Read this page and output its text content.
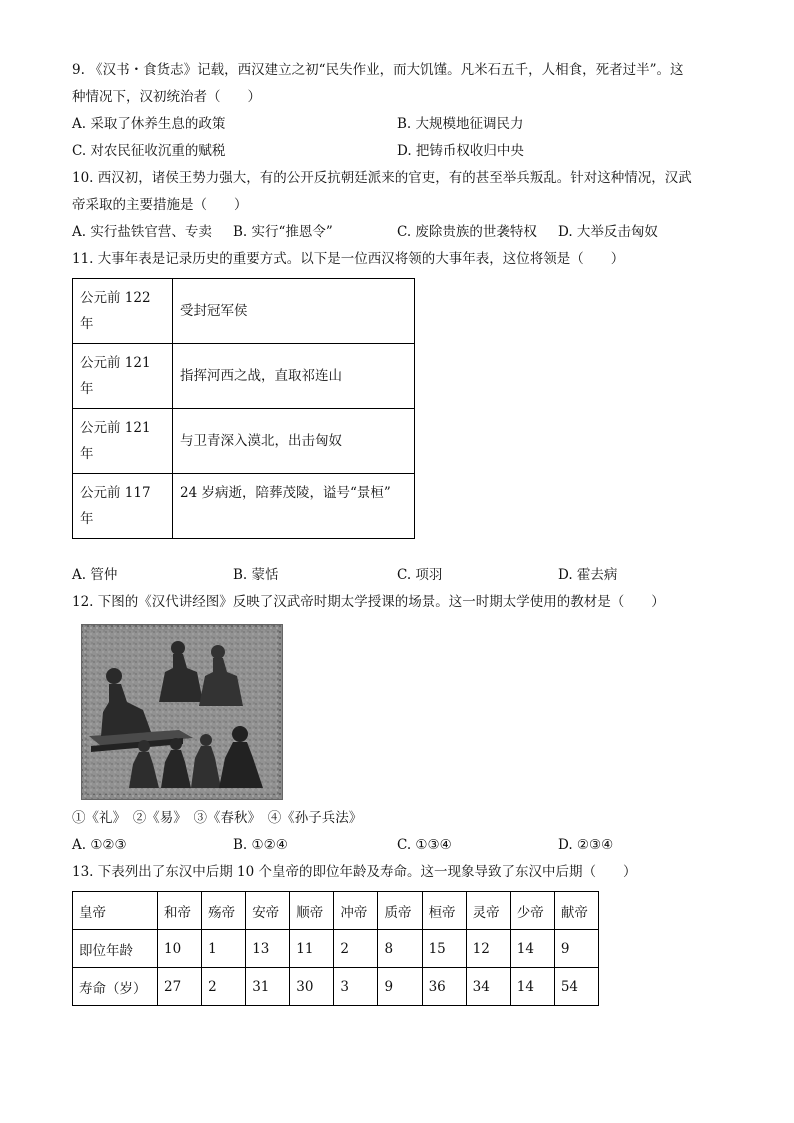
9. 《汉书・食货志》记载，西汉建立之初“民失作业，而大饥馑。凡米石五千，人相食，死者过半”。这
种情况下，汉初统治者（　　）
A. 采取了休养生息的政策	B. 大规模地征调民力
C. 对农民征收沉重的赋税	D. 把铸币权收归中央
10. 西汉初，诸侯王势力强大，有的公开反抗朝廷派来的官吏，有的甚至举兵叛乱。针对这种情况，汉武
帝采取的主要措施是（　　）
A. 实行盐铁官营、专卖 B. 实行“推恩令”	C. 废除贵族的世袭特权 D. 大举反击匈奴
11. 大事年表是记录历史的重要方式。以下是一位西汉将领的大事年表，这位将领是（　　）
公元前 122 年	受封冠军侯
公元前 121 年	指挥河西之战，直取祁连山
公元前 121 年	与卫青深入漠北，出击匈奴
公元前 117 年	24 岁病逝，陪葬茂陵，谥号“景桓”
A. 管仲	B. 蒙恬	C. 项羽	D. 霍去病
12. 下图的《汉代讲经图》反映了汉武帝时期太学授课的场景。这一时期太学使用的教材是（　　）
①《礼》　②《易》　③《春秋》　④《孙子兵法》
A. ①②③	B. ①②④	C. ①③④	D. ②③④
13. 下表列出了东汉中后期 10 个皇帝的即位年龄及寿命。这一现象导致了东汉中后期（　　）
皇帝	和帝	殇帝	安帝	顺帝	冲帝	质帝	桓帝	灵帝	少帝	献帝
即位年龄	10	1	13	11	2	8	15	12	14	9
寿命（岁）	27	2	31	30	3	9	36	34	14	54
